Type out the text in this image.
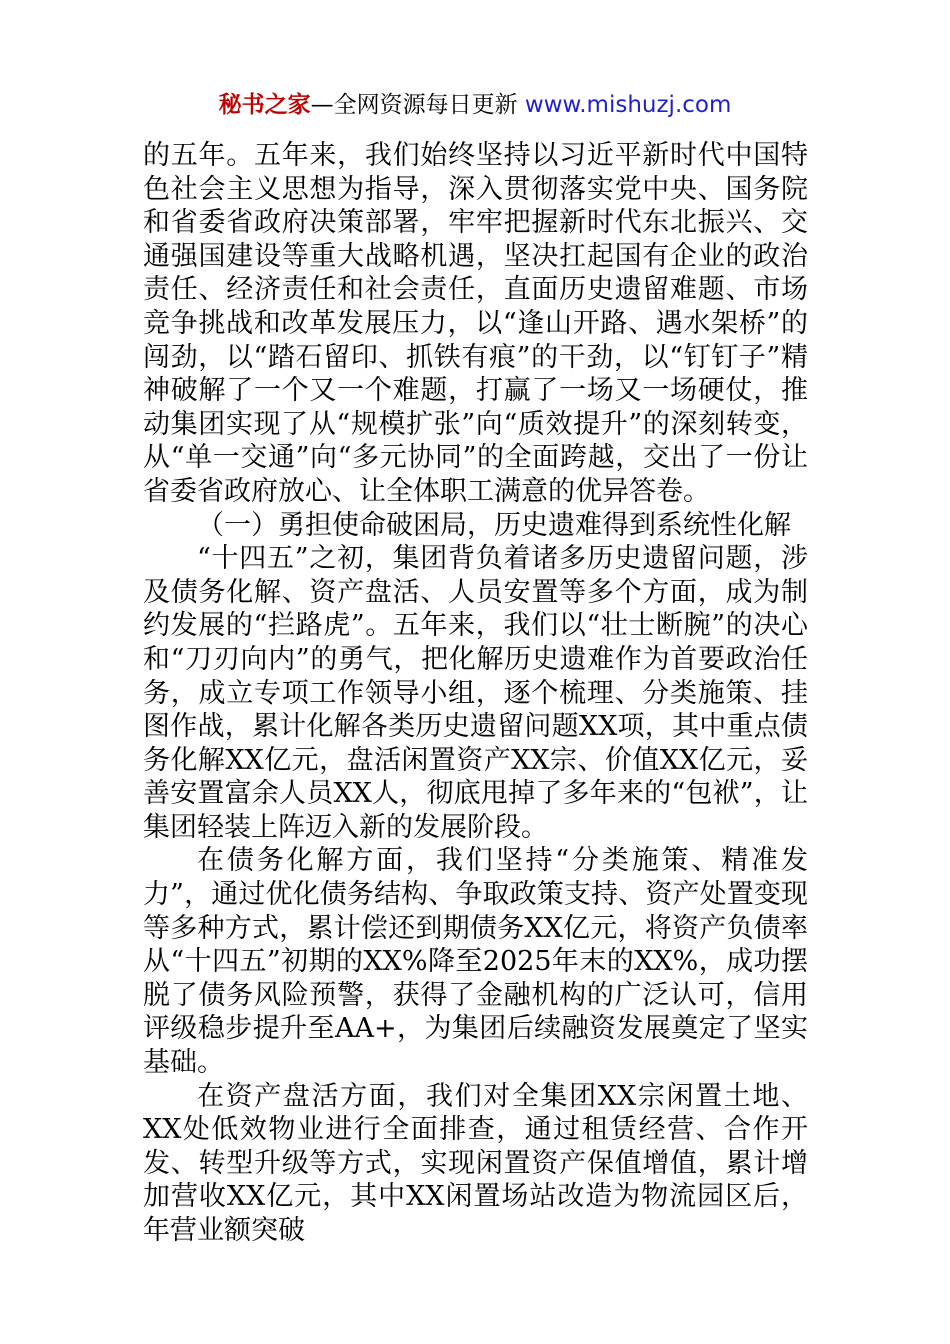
秘书之家—全网资源每日更新 www.mishuzj.com

的五年。五年来，我们始终坚持以习近平新时代中国特色社会主义思想为指导，深入贯彻落实党中央、国务院和省委省政府决策部署，牢牢把握新时代东北振兴、交通强国建设等重大战略机遇，坚决扛起国有企业的政治责任、经济责任和社会责任，直面历史遗留难题、市场竞争挑战和改革发展压力，以“逢山开路、遇水架桥”的闯劲，以“踏石留印、抓铁有痕”的干劲，以“钉钉子”精神破解了一个又一个难题，打赢了一场又一场硬仗，推动集团实现了从“规模扩张”向“质效提升”的深刻转变，从“单一交通”向“多元协同”的全面跨越，交出了一份让省委省政府放心、让全体职工满意的优异答卷。

（一）勇担使命破困局，历史遗难得到系统性化解

“十四五”之初，集团背负着诸多历史遗留问题，涉及债务化解、资产盘活、人员安置等多个方面，成为制约发展的“拦路虎”。五年来，我们以“壮士断腕”的决心和“刀刃向内”的勇气，把化解历史遗难作为首要政治任务，成立专项工作领导小组，逐个梳理、分类施策、挂图作战，累计化解各类历史遗留问题XX项，其中重点债务化解XX亿元，盘活闲置资产XX宗、价值XX亿元，妥善安置富余人员XX人，彻底甩掉了多年来的“包袱”，让集团轻装上阵迈入新的发展阶段。

在债务化解方面，我们坚持“分类施策、精准发力”，通过优化债务结构、争取政策支持、资产处置变现等多种方式，累计偿还到期债务XX亿元，将资产负债率从“十四五”初期的XX%降至2025年末的XX%，成功摆脱了债务风险预警，获得了金融机构的广泛认可，信用评级稳步提升至AA+，为集团后续融资发展奠定了坚实基础。

在资产盘活方面，我们对全集团XX宗闲置土地、XX处低效物业进行全面排查，通过租赁经营、合作开发、转型升级等方式，实现闲置资产保值增值，累计增加营收XX亿元，其中XX闲置场站改造为物流园区后，年营业额突破
